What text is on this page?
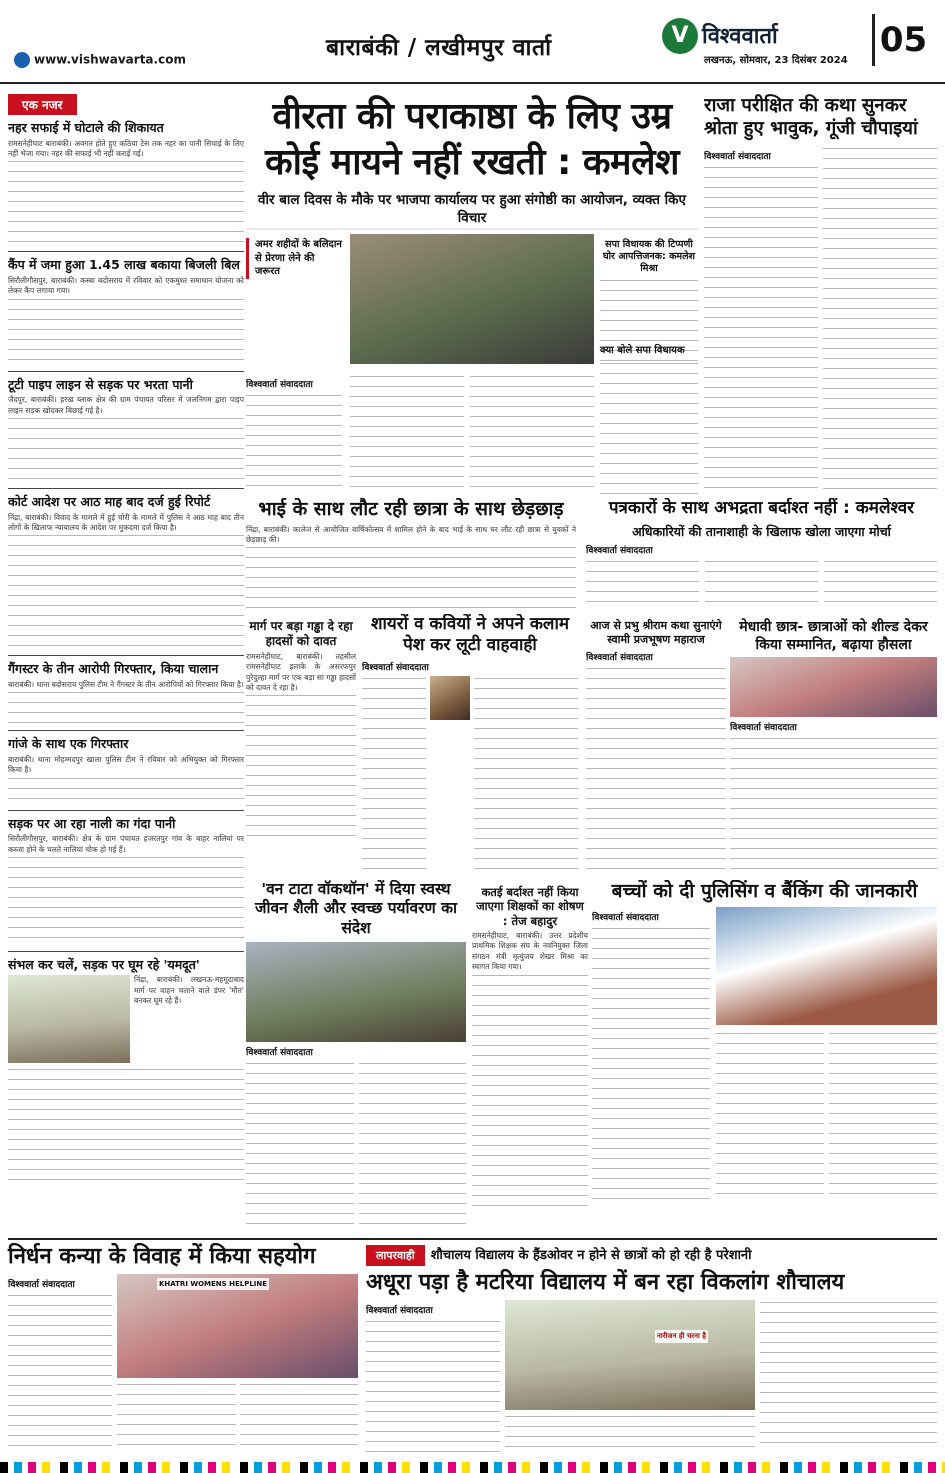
www.vishwavarta.com	बाराबंकी / लखीमपुर वार्ता	V विश्ववार्ता
लखनऊ, सोमवार, 23 दिसंबर 2024
05
एक नजर
नहर सफाई में घोटाले की शिकायत
रामसनेहीघाट बाराबंकी। अवगत होते हुए कठिया टेस तक नहर का पानी सिचाई के लिए नहीं भेजा गया। नहर की सफाई भी नहीं कराई गई।
कैंप में जमा हुआ 1.45 लाख बकाया बिजली बिल
सिरौलीगौसपुर, बाराबंकी। कस्बा बदोसराय में रविवार को एकमुश्त समाधान योजना को लेकर कैंप लगाया गया।
टूटी पाइप लाइन से सड़क पर भरता पानी
जैदपुर, बाराबंकी। हरख ब्लाक क्षेत्र की ग्राम पंचायत परिसर में जलनिगम द्वारा पाइप लाइन सड़क खोदकर बिछाई गई है।
कोर्ट आदेश पर आठ माह बाद दर्ज हुई रिपोर्ट
निंद्रा, बाराबंकी। विवाद के मामले में हुई चोरी के मामले में पुलिस ने आठ माह बाद तीन लोगों के खिलाफ न्यायालय के आदेश पर मुकदमा दर्ज किया है।
गैंगस्टर के तीन आरोपी गिरफ्तार, किया चालान
बाराबंकी। थाना बदोसराय पुलिस टीम ने गैंगस्टर के तीन आरोपियों को गिरफ्तार किया है।
गांजे के साथ एक गिरफ्तार
बाराबंकी। थाना मोहम्मदपुर खाला पुलिस टीम ने रविवार को अभियुक्त को गिरफ्तार किया है।
सड़क पर आ रहा नाली का गंदा पानी
सिरौलीगौसपुर, बाराबंकी। क्षेत्र के ग्राम पंचायत हजरतपुर गांव के बाहर नालियां पर कब्जा होने के चलते नालियां चोक हो गई हैं।
संभल कर चलें, सड़क पर घूम रहे 'यमदूत'
निंद्रा, बाराबंकी। लखनऊ-महमूदाबाद मार्ग पर वाहन चलाने वाले डंपर 'मौत' बनकर घूम रहे हैं।
वीरता की पराकाष्ठा के लिए उम्र कोई मायने नहीं रखती : कमलेश
वीर बाल दिवस के मौके पर भाजपा कार्यालय पर हुआ संगोष्ठी का आयोजन, व्यक्त किए विचार
अमर शहीदों के बलिदान से प्रेरणा लेने की जरूरत
सपा विधायक की टिप्पणी घोर आपत्तिजनक: कमलेश मिश्रा
विश्ववार्ता संवाददाता
क्या बोले सपा विधायक
भाई के साथ लौट रही छात्रा के साथ छेड़छाड़
निंद्रा, बाराबंकी। कालेज से आयोजित वार्षिकोत्सव में शामिल होने के बाद भाई के साथ घर लौट रही छात्रा से युवकों ने छेड़छाड़ की।
पत्रकारों के साथ अभद्रता बर्दाश्त नहीं : कमलेश्वर
अधिकारियों की तानाशाही के खिलाफ खोला जाएगा मोर्चा
विश्ववार्ता संवाददाता
मार्ग पर बड़ा गड्ढा दे रहा हादसों को दावत
रामसनेहीघाट, बाराबंकी। तहसील रामसनेहीघाट इलाके के असरफपुर पुरेदुल्हा मार्ग पर एक बड़ा सा गड्ढा हादसों को दावत दे रहा है।
शायरों व कवियों ने अपने कलाम पेश कर लूटी वाहवाही
विश्ववार्ता संवाददाता
आज से प्रभु श्रीराम कथा सुनाएंगे स्वामी प्रजभूषण महाराज
विश्ववार्ता संवाददाता
मेधावी छात्र- छात्राओं को शील्ड देकर किया सम्मानित, बढ़ाया हौसला
विश्ववार्ता संवाददाता
'वन टाटा वॉकथॉन' में दिया स्वस्थ जीवन शैली और स्वच्छ पर्यावरण का संदेश
विश्ववार्ता संवाददाता
कतई बर्दाश्त नहीं किया जाएगा शिक्षकों का शोषण : तेज बहादुर
रामसनेहीघाट, बाराबंकी। उत्तर प्रदेशीय प्राथमिक शिक्षक संघ के नवनियुक्त जिला संगठन मंत्री मृत्युंजय शेखर मिश्रा का स्वागत किया गया।
बच्चों को दी पुलिसिंग व बैंकिंग की जानकारी
विश्ववार्ता संवाददाता
राजा परीक्षित की कथा सुनकर श्रोता हुए भावुक, गूंजी चौपाइयां
विश्ववार्ता संवाददाता
निर्धन कन्या के विवाह में किया सहयोग
विश्ववार्ता संवाददाता	KHATRI WOMENS HELPLINE
लापरवाही शौचालय विद्यालय के हैंडओवर न होने से छात्रों को हो रही है परेशानी
अधूरा पड़ा है मटरिया विद्यालय में बन रहा विकलांग शौचालय
विश्ववार्ता संवाददाता
नारीजन ही चरना है
